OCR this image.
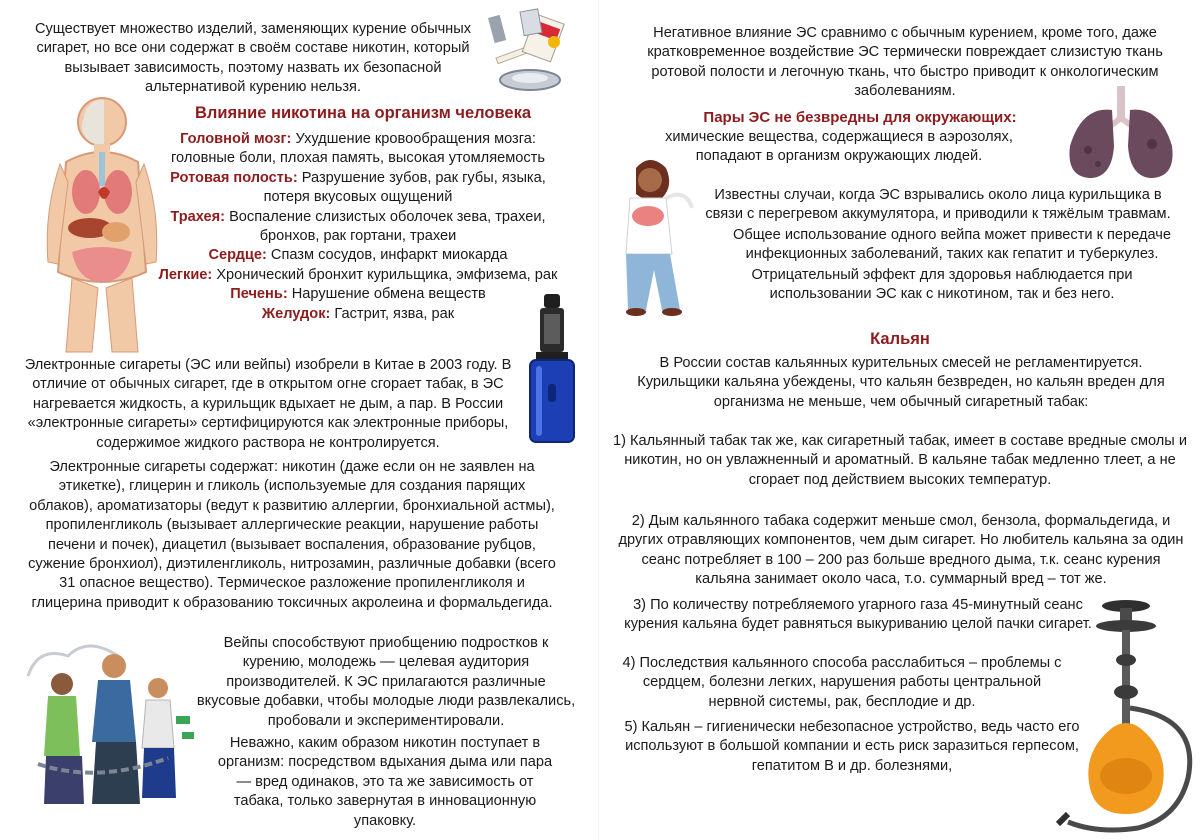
Существует множество изделий, заменяющих курение обычных сигарет, но все они содержат в своём составе никотин, который вызывает зависимость, поэтому назвать их безопасной альтернативой курению нельзя.
Влияние никотина на организм человека

Головной мозг: Ухудшение кровообращения мозга: головные боли, плохая память, высокая утомляемость

Ротовая полость: Разрушение зубов, рак губы, языка, потеря вкусовых ощущений

Трахея: Воспаление слизистых оболочек зева, трахеи, бронхов, рак гортани, трахеи

Сердце: Спазм сосудов, инфаркт миокарда

Легкие: Хронический бронхит курильщика, эмфизема, рак

Печень: Нарушение обмена веществ

Желудок: Гастрит, язва, рак

Электронные сигареты (ЭС или вейпы) изобрели в Китае в 2003 году. В отличие от обычных сигарет, где в открытом огне сгорает табак, в ЭС нагревается жидкость, а курильщик вдыхает не дым, а пар. В России «электронные сигареты» сертифицируются как электронные приборы, содержимое жидкого раствора не контролируется.
Электронные сигареты содержат: никотин (даже если он не заявлен на этикетке), глицерин и гликоль (используемые для создания парящих облаков), ароматизаторы (ведут к развитию аллергии, бронхиальной астмы), пропиленгликоль (вызывает аллергические реакции, нарушение работы печени и почек), диацетил (вызывает воспаления, образование рубцов, сужение бронхиол), диэтиленгликоль, нитрозамин, различные добавки (всего 31 опасное вещество). Термическое разложение пропиленгликоля и глицерина приводит к образованию токсичных акролеина и формальдегида.
Вейпы способствуют приобщению подростков к курению, молодежь — целевая аудитория производителей. К ЭС прилагаются различные вкусовые добавки, чтобы молодые люди развлекались, пробовали и экспериментировали.
Неважно, каким образом никотин поступает в организм: посредством вдыхания дыма или пара — вред одинаков, это та же зависимость от табака, только завернутая в инновационную упаковку.
Негативное влияние ЭС сравнимо с обычным курением, кроме того, даже кратковременное воздействие ЭС термически повреждает слизистую ткань ротовой полости и легочную ткань, что быстро приводит к онкологическим заболеваниям.
Пары ЭС не безвредны для окружающих:
химические вещества, содержащиеся в аэрозолях, попадают в организм окружающих людей.
Известны случаи, когда ЭС взрывались около лица курильщика в связи с перегревом аккумулятора, и приводили к тяжёлым травмам.
Общее использование одного вейпа может привести к передаче инфекционных заболеваний, таких как гепатит и туберкулез.
Отрицательный эффект для здоровья наблюдается при использовании ЭС как с никотином, так и без него.
Кальян
В России состав кальянных курительных смесей не регламентируется. Курильщики кальяна убеждены, что кальян безвреден, но кальян вреден для организма не меньше, чем обычный сигаретный табак:
1) Кальянный табак так же, как сигаретный табак, имеет в составе вредные смолы и никотин, но он увлажненный и ароматный. В кальяне табак медленно тлеет, а не сгорает под действием высоких температур.
2) Дым кальянного табака содержит меньше смол, бензола, формальдегида, и других отравляющих компонентов, чем дым сигарет. Но любитель кальяна за один сеанс потребляет в 100 – 200 раз больше вредного дыма, т.к. сеанс курения кальяна занимает около часа, т.о. суммарный вред – тот же.
3) По количеству потребляемого угарного газа 45-минутный сеанс курения кальяна будет равняться выкуриванию целой пачки сигарет.
4) Последствия кальянного способа расслабиться – проблемы с сердцем, болезни легких, нарушения работы центральной нервной системы, рак, бесплодие и др.
5) Кальян – гигиенически небезопасное устройство, ведь часто его используют в большой компании и есть риск заразиться герпесом, гепатитом В и др. болезнями,
